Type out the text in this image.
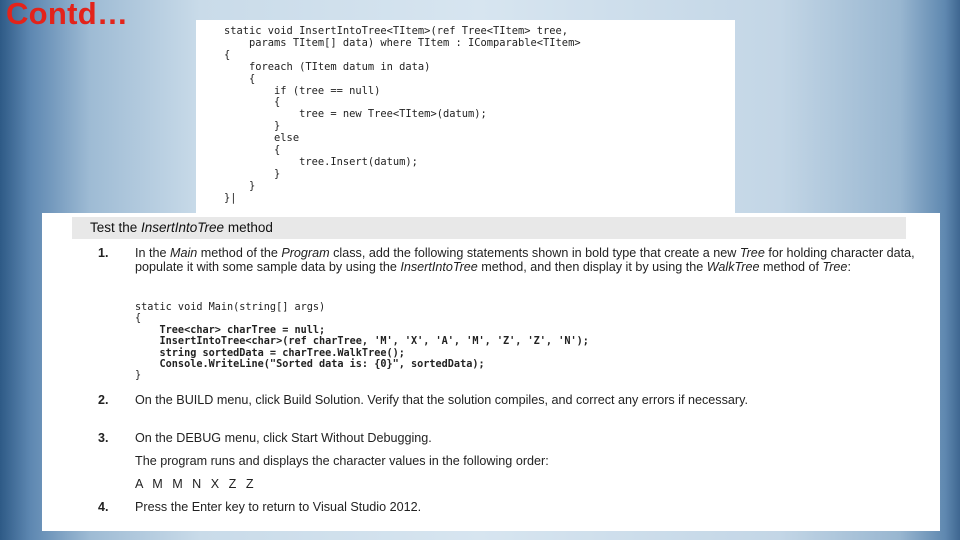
Contd…	static void InsertIntoTree<TItem>(ref Tree<TItem> tree,
params TItem[] data) where TItem : IComparable<TItem>
{
foreach (TItem datum in data)
{
if (tree == null)
{
tree = new Tree<TItem>(datum);
}
else
{
tree.Insert(datum);
}
}
}|
Test the InsertIntoTree method
1. In the Main method of the Program class, add the following statements shown in bold type that create a new Tree for holding character data, populate it with some sample data by using the InsertIntoTree method, and then display it by using the WalkTree method of Tree:
static void Main(string[] args)
{
Tree<char> charTree = null;
InsertIntoTree<char>(ref charTree, 'M', 'X', 'A', 'M', 'Z', 'Z', 'N');
string sortedData = charTree.WalkTree();
Console.WriteLine("Sorted data is: {0}", sortedData);
}
2. On the BUILD menu, click Build Solution. Verify that the solution compiles, and correct any errors if necessary.
3. On the DEBUG menu, click Start Without Debugging.
The program runs and displays the character values in the following order:
A M M N X Z Z
4. Press the Enter key to return to Visual Studio 2012.
